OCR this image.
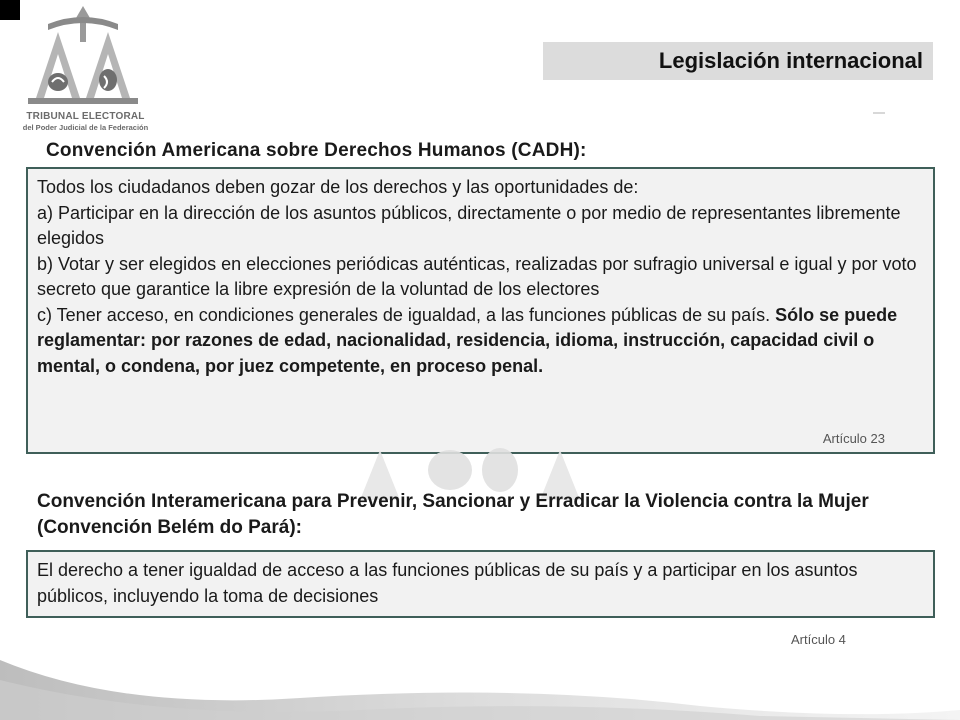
TRIBUNAL ELECTORAL
del Poder Judicial de la Federación
Legislación internacional
Convención Americana sobre Derechos Humanos (CADH):

Todos los ciudadanos deben gozar de los derechos y las oportunidades de:

a) Participar en la dirección de los asuntos públicos, directamente o por medio de representantes libremente elegidos

b) Votar y ser elegidos en elecciones periódicas auténticas, realizadas por sufragio universal e igual y por voto secreto que garantice la libre expresión de la voluntad de los electores

c) Tener acceso, en condiciones generales de igualdad, a las funciones públicas de su país. Sólo se puede reglamentar: por razones de edad, nacionalidad, residencia, idioma, instrucción, capacidad civil o mental, o condena, por juez competente, en proceso penal.

Artículo 23
Convención Interamericana para Prevenir, Sancionar y Erradicar la Violencia contra la Mujer (Convención Belém do Pará):

El derecho a tener igualdad de acceso a las funciones públicas de su país y a participar en los asuntos públicos, incluyendo la toma de decisiones

Artículo 4
